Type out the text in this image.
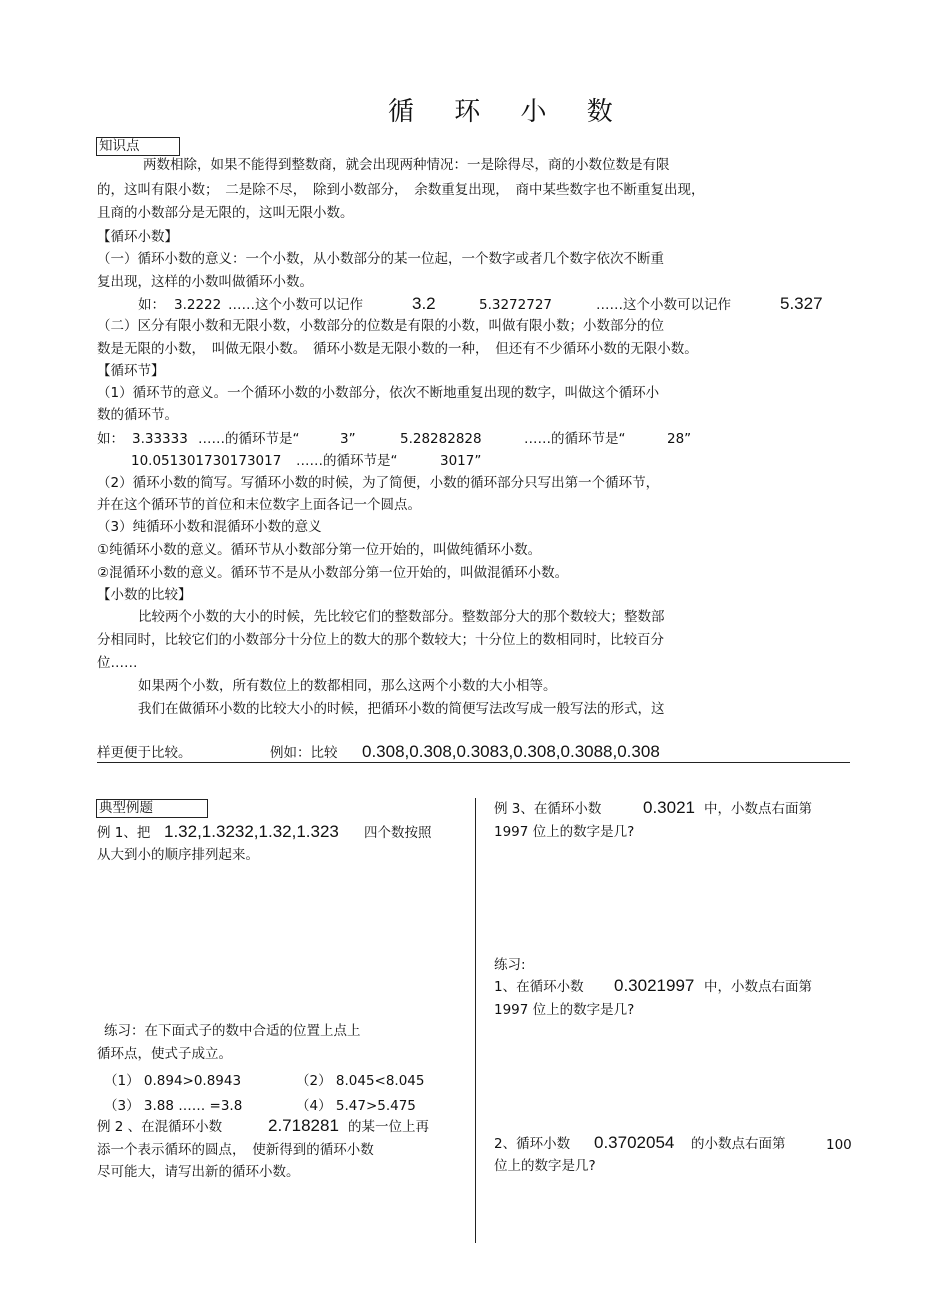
循 环 小 数
知识点
两数相除，如果不能得到整数商，就会出现两种情况：一是除得尽，商的小数位数是有限
的，这叫有限小数；　二是除不尽，　除到小数部分，　余数重复出现，　商中某些数字也不断重复出现，
且商的小数部分是无限的，这叫无限小数。
【循环小数】
（一）循环小数的意义：一个小数，从小数部分的某一位起，一个数字或者几个数字依次不断重
复出现，这样的小数叫做循环小数。
如： 3.2222 ……这个小数可以记作	3.2	5.3272727	……这个小数可以记作	5.327
（二）区分有限小数和无限小数，小数部分的位数是有限的小数，叫做有限小数；小数部分的位
数是无限的小数，　叫做无限小数。　循环小数是无限小数的一种，　但还有不少循环小数的无限小数。
【循环节】
（1）循环节的意义。一个循环小数的小数部分，依次不断地重复出现的数字，叫做这个循环小
数的循环节。
如： 3.33333 ……的循环节是“	3”	5.28282828	……的循环节是“	28”
10.051301730173017 ……的循环节是“	3017”
（2）循环小数的简写。写循环小数的时候，为了简便，小数的循环部分只写出第一个循环节，
并在这个循环节的首位和末位数字上面各记一个圆点。
（3）纯循环小数和混循环小数的意义
①纯循环小数的意义。循环节从小数部分第一位开始的，叫做纯循环小数。
②混循环小数的意义。循环节不是从小数部分第一位开始的，叫做混循环小数。
【小数的比较】
比较两个小数的大小的时候，先比较它们的整数部分。整数部分大的那个数较大；整数部
分相同时，比较它们的小数部分十分位上的数大的那个数较大；十分位上的数相同时，比较百分
位……
如果两个小数，所有数位上的数都相同，那么这两个小数的大小相等。
我们在做循环小数的比较大小的时候，把循环小数的简便写法改写成一般写法的形式，这
样更便于比较。	例如：比较 0.308,0.308,0.3083,0.308,0.3088,0.308
典型例题
例 1、把 1.32,1.3232,1.32,1.323 四个数按照
从大到小的顺序排列起来。
练习：在下面式子的数中合适的位置上点上
循环点，使式子成立。
（1） 0.894>0.8943	（2） 8.045<8.045
（3） 3.88 …… =3.8	（4） 5.47>5.475
例 2 、在混循环小数	2.718281 的某一位上再
添一个表示循环的圆点，　使新得到的循环小数
尽可能大，请写出新的循环小数。
例 3、在循环小数 0.3021 中，小数点右面第
1997 位上的数字是几?
练习:
1、在循环小数 0.3021997 中，小数点右面第
1997 位上的数字是几?
2、循环小数 0.3702054 的小数点右面第	100
位上的数字是几?
